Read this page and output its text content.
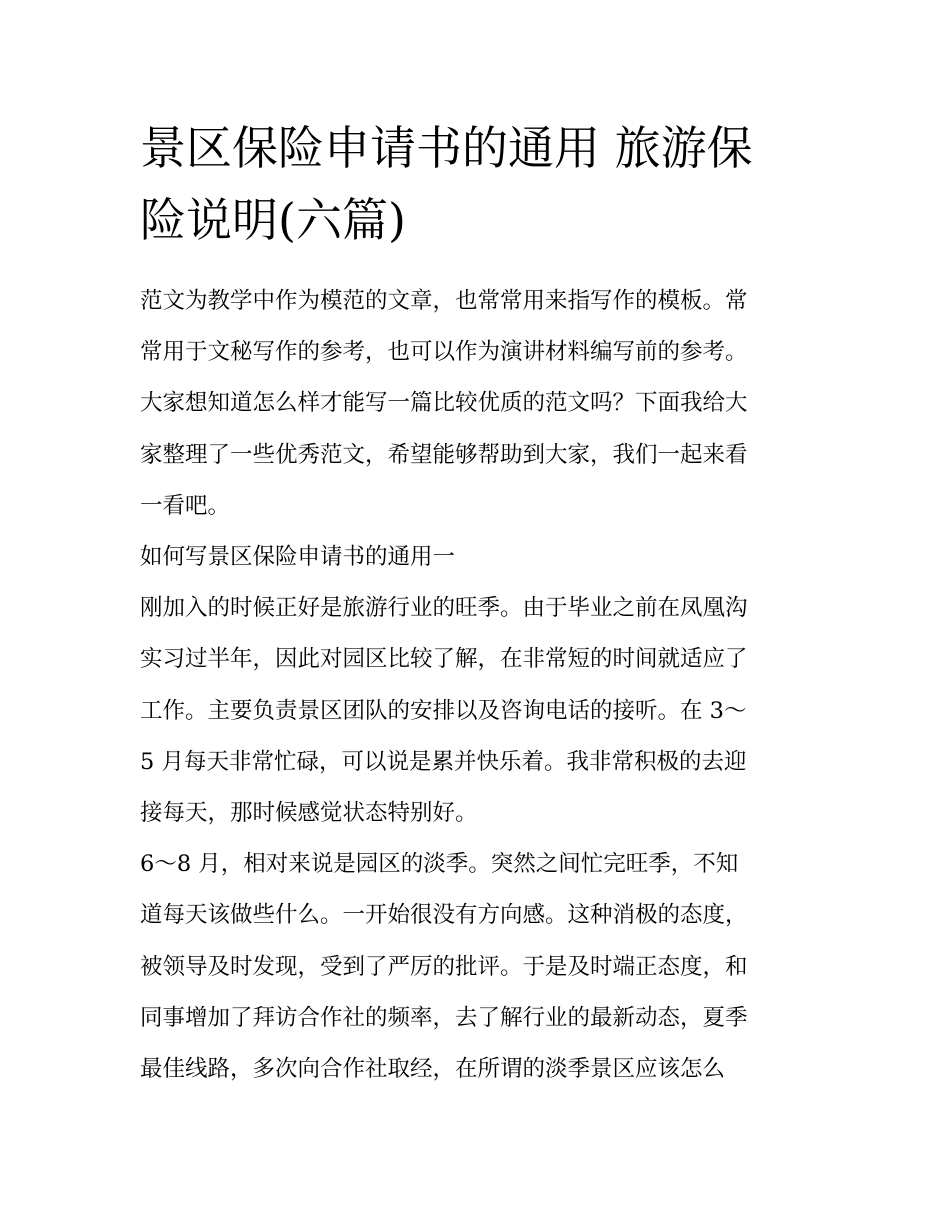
景区保险申请书的通用 旅游保
险说明(六篇)
范文为教学中作为模范的文章，也常常用来指写作的模板。常
常用于文秘写作的参考，也可以作为演讲材料编写前的参考。
大家想知道怎么样才能写一篇比较优质的范文吗？下面我给大
家整理了一些优秀范文，希望能够帮助到大家，我们一起来看
一看吧。
如何写景区保险申请书的通用一
刚加入的时候正好是旅游行业的旺季。由于毕业之前在凤凰沟
实习过半年，因此对园区比较了解，在非常短的时间就适应了
工作。主要负责景区团队的安排以及咨询电话的接听。在 3～
5 月每天非常忙碌，可以说是累并快乐着。我非常积极的去迎
接每天，那时候感觉状态特别好。
6～8 月，相对来说是园区的淡季。突然之间忙完旺季，不知
道每天该做些什么。一开始很没有方向感。这种消极的态度，
被领导及时发现，受到了严厉的批评。于是及时端正态度，和
同事增加了拜访合作社的频率，去了解行业的最新动态，夏季
最佳线路，多次向合作社取经，在所谓的淡季景区应该怎么
